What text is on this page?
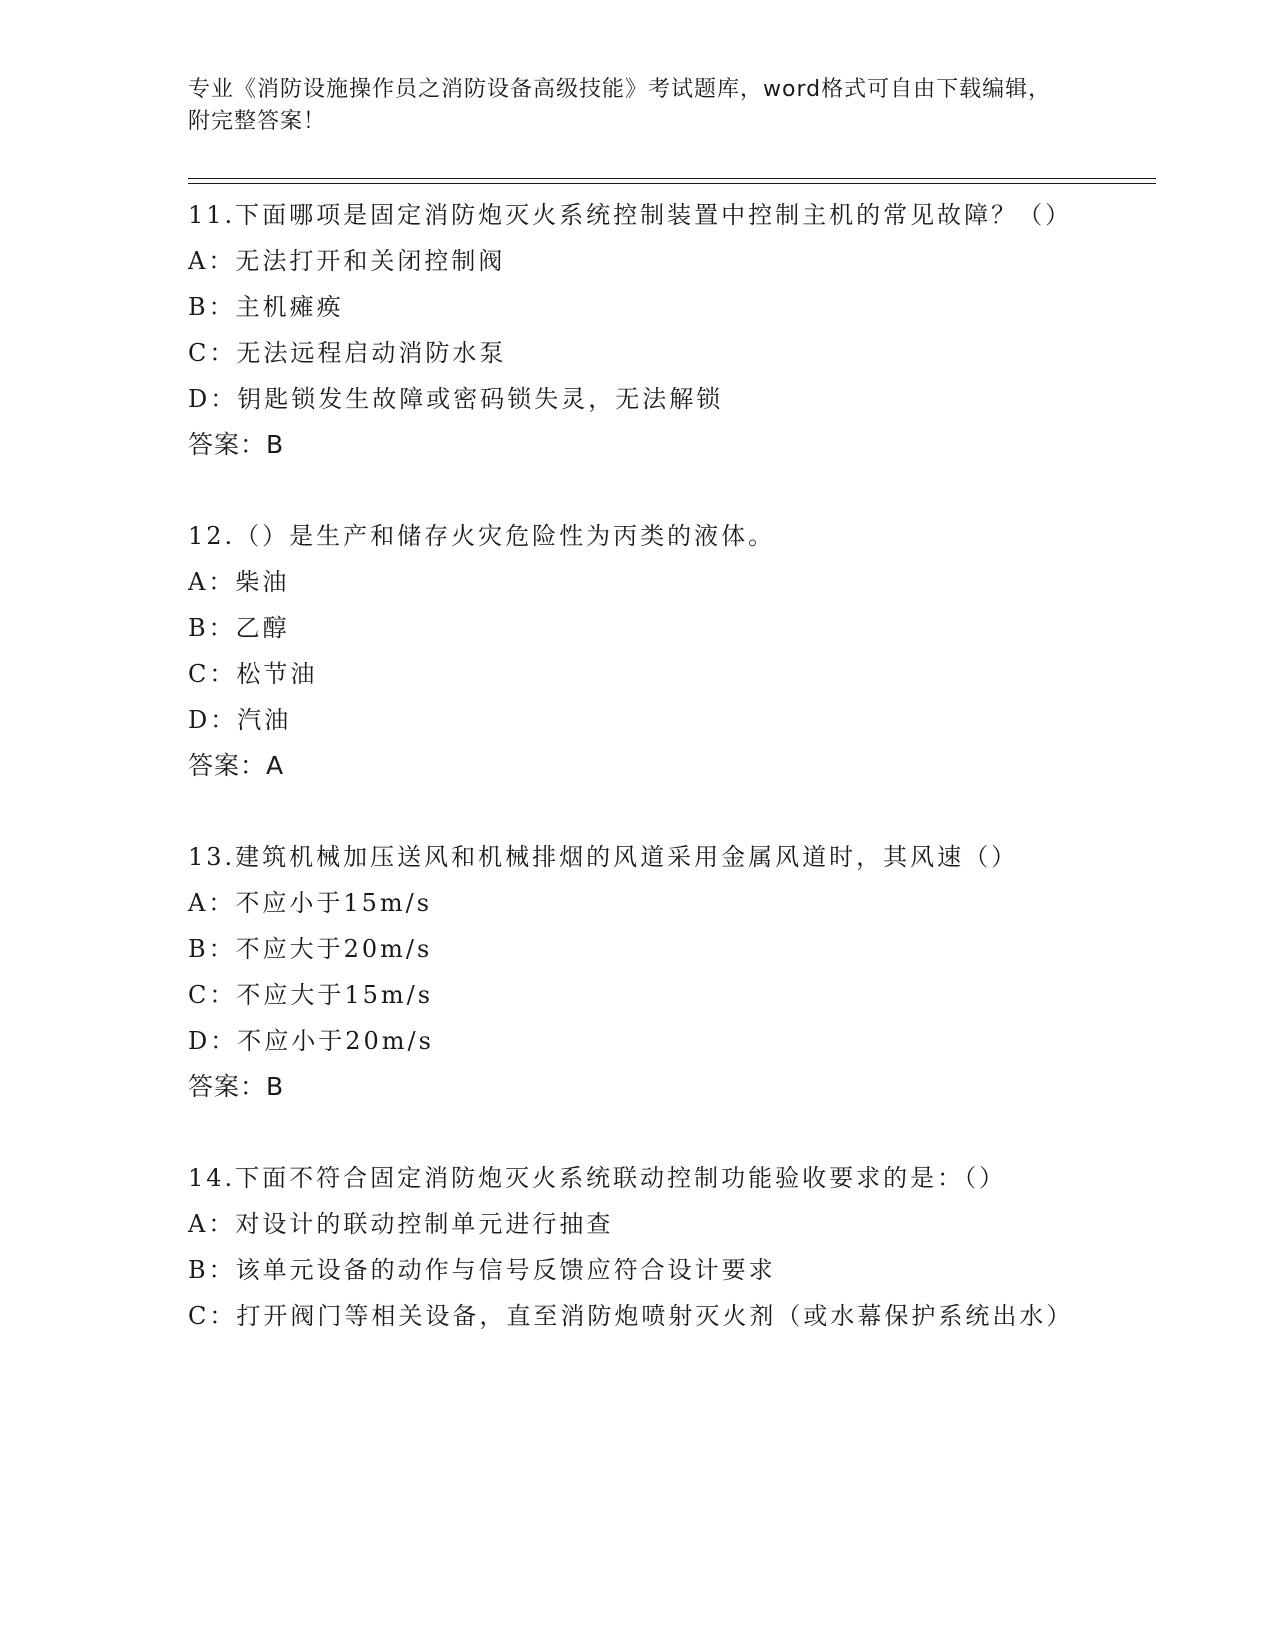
专业《消防设施操作员之消防设备高级技能》考试题库，word格式可自由下载编辑，附完整答案！
11.下面哪项是固定消防炮灭火系统控制装置中控制主机的常见故障？（）
A：无法打开和关闭控制阀
B：主机瘫痪
C：无法远程启动消防水泵
D：钥匙锁发生故障或密码锁失灵，无法解锁
答案：B
12.（）是生产和储存火灾危险性为丙类的液体。
A：柴油
B：乙醇
C：松节油
D：汽油
答案：A
13.建筑机械加压送风和机械排烟的风道采用金属风道时，其风速（）
A：不应小于15m/s
B：不应大于20m/s
C：不应大于15m/s
D：不应小于20m/s
答案：B
14.下面不符合固定消防炮灭火系统联动控制功能验收要求的是：（）
A：对设计的联动控制单元进行抽查
B：该单元设备的动作与信号反馈应符合设计要求
C：打开阀门等相关设备，直至消防炮喷射灭火剂（或水幕保护系统出水）
